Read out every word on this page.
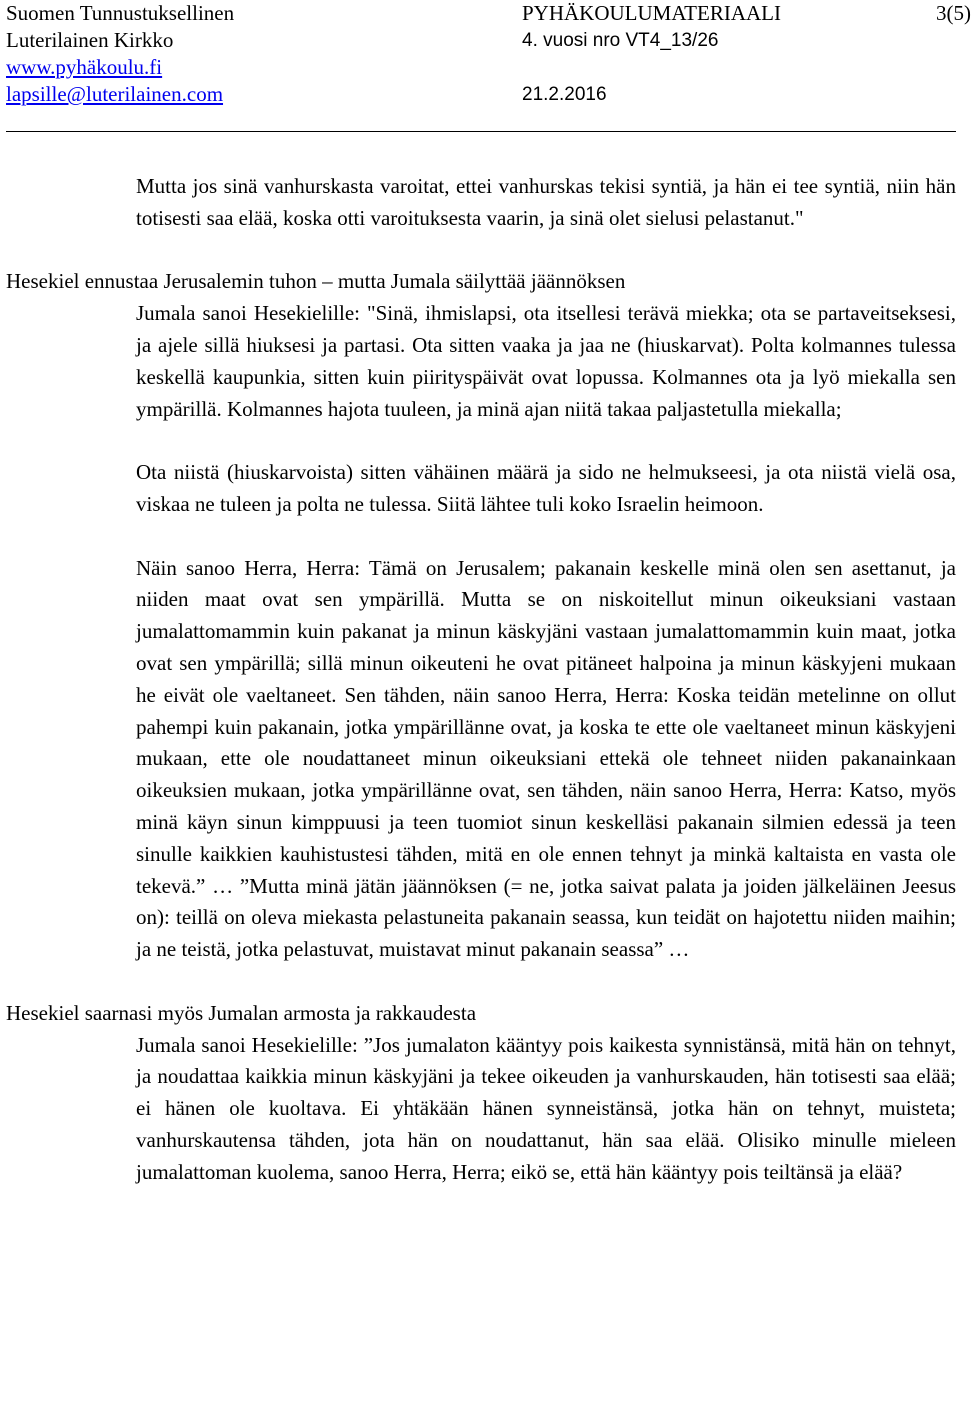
Suomen Tunnustuksellinen
Luterilainen Kirkko
www.pyhäkoulu.fi
lapsille@luterilainen.com
PYHÄKOULUMATERIAALI
4. vuosi nro VT4_13/26
21.2.2016
3(5)

Mutta jos sinä vanhurskasta varoitat, ettei vanhurskas tekisi syntiä, ja hän ei tee syntiä, niin hän totisesti saa elää, koska otti varoituksesta vaarin, ja sinä olet sielusi pelastanut."

Hesekiel ennustaa Jerusalemin tuhon – mutta Jumala säilyttää jäännöksen

Jumala sanoi Hesekielille: "Sinä, ihmislapsi, ota itsellesi terävä miekka; ota se partaveitseksesi, ja ajele sillä hiuksesi ja partasi. Ota sitten vaaka ja jaa ne (hiuskarvat). Polta kolmannes tulessa keskellä kaupunkia, sitten kuin piirityspäivät ovat lopussa. Kolmannes ota ja lyö miekalla sen ympärillä. Kolmannes hajota tuuleen, ja minä ajan niitä takaa paljastetulla miekalla;

Ota niistä (hiuskarvoista) sitten vähäinen määrä ja sido ne helmukseesi, ja ota niistä vielä osa, viskaa ne tuleen ja polta ne tulessa. Siitä lähtee tuli koko Israelin heimoon.

Näin sanoo Herra, Herra: Tämä on Jerusalem; pakanain keskelle minä olen sen asettanut, ja niiden maat ovat sen ympärillä. Mutta se on niskoitellut minun oikeuksiani vastaan jumalattomammin kuin pakanat ja minun käskyjäni vastaan jumalattomammin kuin maat, jotka ovat sen ympärillä; sillä minun oikeuteni he ovat pitäneet halpoina ja minun käskyjeni mukaan he eivät ole vaeltaneet. Sen tähden, näin sanoo Herra, Herra: Koska teidän metelinne on ollut pahempi kuin pakanain, jotka ympärillänne ovat, ja koska te ette ole vaeltaneet minun käskyjeni mukaan, ette ole noudattaneet minun oikeuksiani ettekä ole tehneet niiden pakanainkaan oikeuksien mukaan, jotka ympärillänne ovat, sen tähden, näin sanoo Herra, Herra: Katso, myös minä käyn sinun kimppuusi ja teen tuomiot sinun keskelläsi pakanain silmien edessä ja teen sinulle kaikkien kauhistustesi tähden, mitä en ole ennen tehnyt ja minkä kaltaista en vasta ole tekevä.” … ”Mutta minä jätän jäännöksen (= ne, jotka saivat palata ja joiden jälkeläinen Jeesus on): teillä on oleva miekasta pelastuneita pakanain seassa, kun teidät on hajotettu niiden maihin; ja ne teistä, jotka pelastuvat, muistavat minut pakanain seassa” …

Hesekiel saarnasi myös Jumalan armosta ja rakkaudesta

Jumala sanoi Hesekielille: ”Jos jumalaton kääntyy pois kaikesta synnistänsä, mitä hän on tehnyt, ja noudattaa kaikkia minun käskyjäni ja tekee oikeuden ja vanhurskauden, hän totisesti saa elää; ei hänen ole kuoltava. Ei yhtäkään hänen synneistänsä, jotka hän on tehnyt, muisteta; vanhurskautensa tähden, jota hän on noudattanut, hän saa elää. Olisiko minulle mieleen jumalattoman kuolema, sanoo Herra, Herra; eikö se, että hän kääntyy pois teiltänsä ja elää?
